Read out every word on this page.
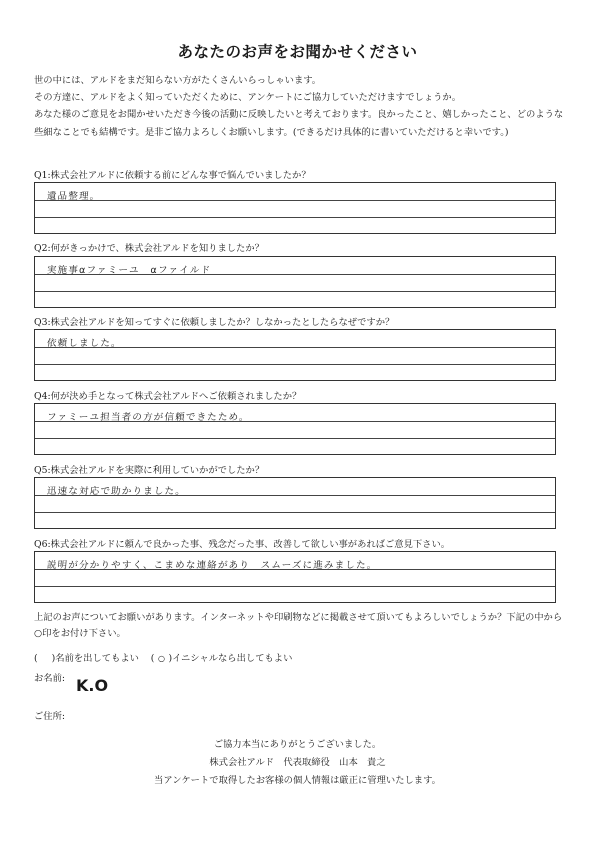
あなたのお声をお聞かせください
世の中には、アルドをまだ知らない方がたくさんいらっしゃいます。
その方達に、アルドをよく知っていただくために、アンケートにご協力していただけますでしょうか。
あなた様のご意見をお聞かせいただき今後の活動に反映したいと考えております。良かったこと、嬉しかったこと、どのような
些細なことでも結構です。是非ご協力よろしくお願いします。(できるだけ具体的に書いていただけると幸いです。)
Q1:株式会社アルドに依頼する前にどんな事で悩んでいましたか？
遺品整理。
Q2:何がきっかけで、株式会社アルドを知りましたか？
実施事αファミーユ　αファイルド
Q3:株式会社アルドを知ってすぐに依頼しましたか？しなかったとしたらなぜですか？
依頼しました。
Q4:何が決め手となって株式会社アルドへご依頼されましたか？
ファミーユ担当者の方が信頼できたため。
Q5:株式会社アルドを実際に利用していかがでしたか？
迅速な対応で助かりました。
Q6:株式会社アルドに頼んで良かった事、残念だった事、改善して欲しい事があればご意見下さい。
説明が分かりやすく、こまめな連絡があり　スムーズに進みました。
上記のお声についてお願いがあります。インターネットや印刷物などに掲載させて頂いてもよろしいでしょうか？下記の中から
○印をお付け下さい。
( )名前を出してもよい ( ○ )イニシャルなら出してもよい
お名前: K.O
ご住所:
ご協力本当にありがとうございました。
株式会社アルド　代表取締役　山本　貴之
当アンケートで取得したお客様の個人情報は厳正に管理いたします。
